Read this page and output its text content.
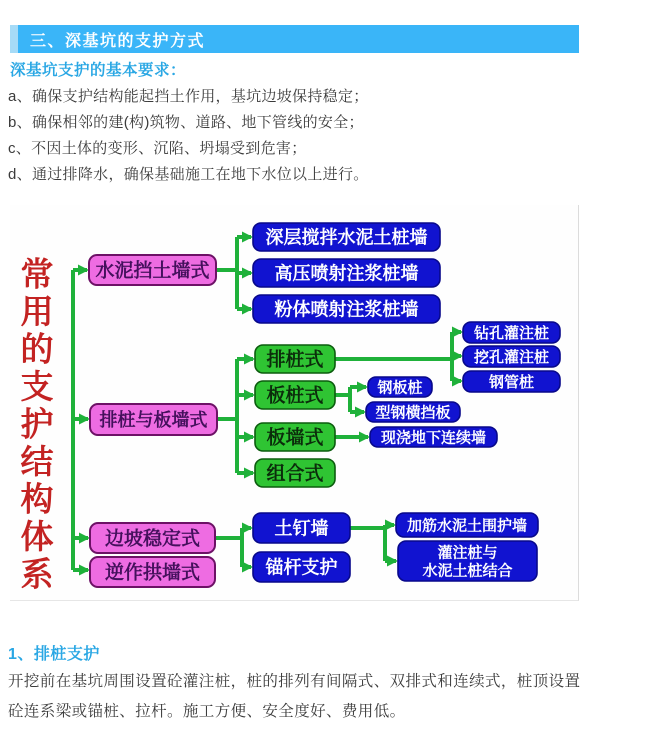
三、深基坑的支护方式
深基坑支护的基本要求：
a、确保支护结构能起挡土作用，基坑边坡保持稳定；
b、确保相邻的建(构)筑物、道路、地下管线的安全；
c、不因土体的变形、沉陷、坍塌受到危害；
d、通过排降水，确保基础施工在地下水位以上进行。
常
用
的
支
护
结
构
体
系
水泥挡土墙式
深层搅拌水泥土桩墙
高压喷射注浆桩墙
粉体喷射注浆桩墙
排桩与板墙式
排桩式
板桩式
板墙式
组合式
钻孔灌注桩
挖孔灌注桩
钢管桩
钢板桩
型钢横挡板
现浇地下连续墙
边坡稳定式
逆作拱墙式
土钉墙
锚杆支护
加筋水泥土围护墙
灌注桩与
水泥土桩结合
1、排桩支护
开挖前在基坑周围设置砼灌注桩，桩的排列有间隔式、双排式和连续式，桩顶设置砼连系梁或锚桩、拉杆。施工方便、安全度好、费用低。
